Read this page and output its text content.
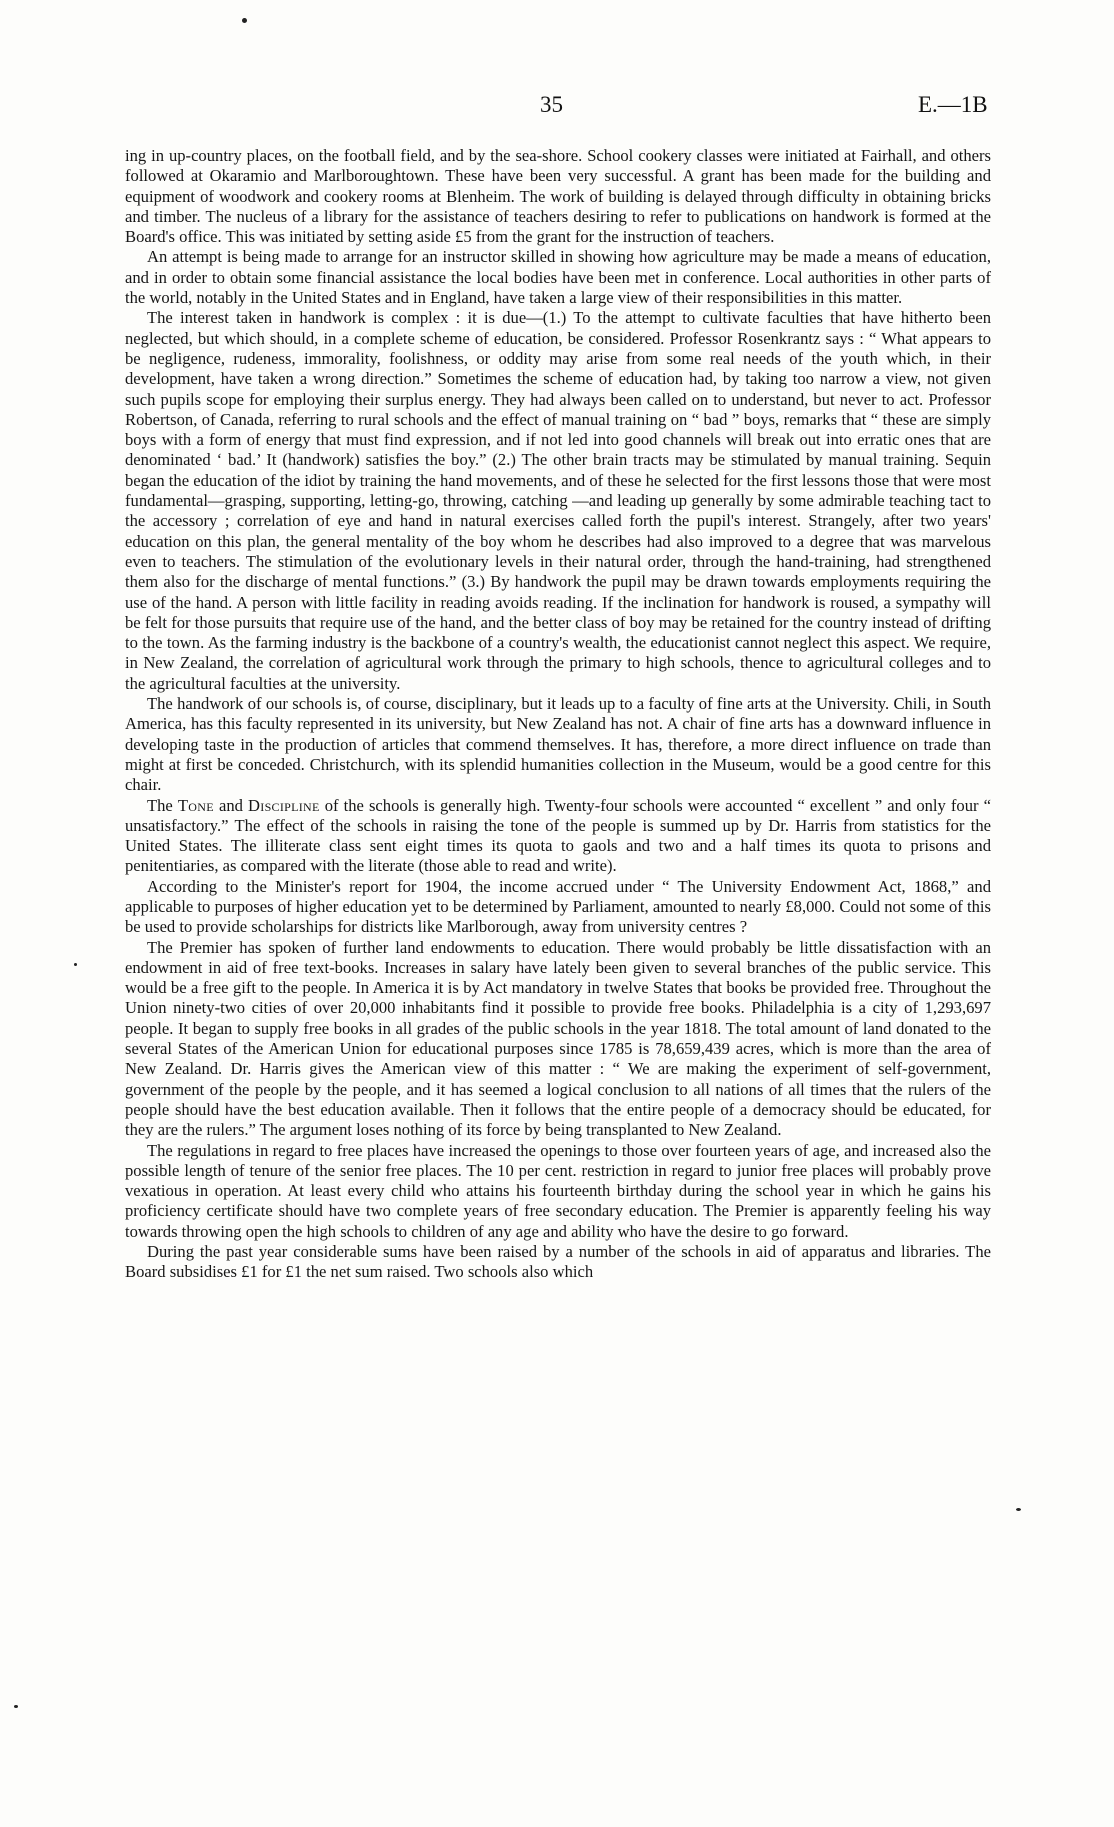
35	E.—1B

ing in up-country places, on the football field, and by the sea-shore. School cookery classes were initiated at Fairhall, and others followed at Okaramio and Marlboroughtown. These have been very successful. A grant has been made for the building and equipment of woodwork and cookery rooms at Blenheim. The work of building is delayed through difficulty in obtaining bricks and timber. The nucleus of a library for the assistance of teachers desiring to refer to publications on handwork is formed at the Board's office. This was initiated by setting aside £5 from the grant for the instruction of teachers.

An attempt is being made to arrange for an instructor skilled in showing how agriculture may be made a means of education, and in order to obtain some financial assistance the local bodies have been met in conference. Local authorities in other parts of the world, notably in the United States and in England, have taken a large view of their responsibilities in this matter.

The interest taken in handwork is complex : it is due—(1.) To the attempt to cultivate faculties that have hitherto been neglected, but which should, in a complete scheme of education, be considered. Professor Rosenkrantz says : “ What appears to be negligence, rudeness, immorality, foolishness, or oddity may arise from some real needs of the youth which, in their development, have taken a wrong direction.” Sometimes the scheme of education had, by taking too narrow a view, not given such pupils scope for employing their surplus energy. They had always been called on to understand, but never to act. Professor Robertson, of Canada, referring to rural schools and the effect of manual training on “ bad ” boys, remarks that “ these are simply boys with a form of energy that must find expression, and if not led into good channels will break out into erratic ones that are denominated ‘ bad.’ It (handwork) satisfies the boy.” (2.) The other brain tracts may be stimulated by manual training. Sequin began the education of the idiot by training the hand movements, and of these he selected for the first lessons those that were most fundamental—grasping, supporting, letting-go, throwing, catching —and leading up generally by some admirable teaching tact to the accessory ; correlation of eye and hand in natural exercises called forth the pupil's interest. Strangely, after two years' education on this plan, the general mentality of the boy whom he describes had also improved to a degree that was marvelous even to teachers. The stimulation of the evolutionary levels in their natural order, through the hand-training, had strengthened them also for the discharge of mental functions.” (3.) By handwork the pupil may be drawn towards employments requiring the use of the hand. A person with little facility in reading avoids reading. If the inclination for handwork is roused, a sympathy will be felt for those pursuits that require use of the hand, and the better class of boy may be retained for the country instead of drifting to the town. As the farming industry is the backbone of a country's wealth, the educationist cannot neglect this aspect. We require, in New Zealand, the correlation of agricultural work through the primary to high schools, thence to agricultural colleges and to the agricultural faculties at the university.

The handwork of our schools is, of course, disciplinary, but it leads up to a faculty of fine arts at the University. Chili, in South America, has this faculty represented in its university, but New Zealand has not. A chair of fine arts has a downward influence in developing taste in the production of articles that commend themselves. It has, therefore, a more direct influence on trade than might at first be conceded. Christchurch, with its splendid humanities collection in the Museum, would be a good centre for this chair.

The Tone and Discipline of the schools is generally high. Twenty-four schools were accounted “ excellent ” and only four “ unsatisfactory.” The effect of the schools in raising the tone of the people is summed up by Dr. Harris from statistics for the United States. The illiterate class sent eight times its quota to gaols and two and a half times its quota to prisons and penitentiaries, as compared with the literate (those able to read and write).

According to the Minister's report for 1904, the income accrued under “ The University Endowment Act, 1868,” and applicable to purposes of higher education yet to be determined by Parliament, amounted to nearly £8,000. Could not some of this be used to provide scholarships for districts like Marlborough, away from university centres ?

The Premier has spoken of further land endowments to education. There would probably be little dissatisfaction with an endowment in aid of free text-books. Increases in salary have lately been given to several branches of the public service. This would be a free gift to the people. In America it is by Act mandatory in twelve States that books be provided free. Throughout the Union ninety-two cities of over 20,000 inhabitants find it possible to provide free books. Philadelphia is a city of 1,293,697 people. It began to supply free books in all grades of the public schools in the year 1818. The total amount of land donated to the several States of the American Union for educational purposes since 1785 is 78,659,439 acres, which is more than the area of New Zealand. Dr. Harris gives the American view of this matter : “ We are making the experiment of self-government, government of the people by the people, and it has seemed a logical conclusion to all nations of all times that the rulers of the people should have the best education available. Then it follows that the entire people of a democracy should be educated, for they are the rulers.” The argument loses nothing of its force by being transplanted to New Zealand.

The regulations in regard to free places have increased the openings to those over fourteen years of age, and increased also the possible length of tenure of the senior free places. The 10 per cent. restriction in regard to junior free places will probably prove vexatious in operation. At least every child who attains his fourteenth birthday during the school year in which he gains his proficiency certificate should have two complete years of free secondary education. The Premier is apparently feeling his way towards throwing open the high schools to children of any age and ability who have the desire to go forward.

During the past year considerable sums have been raised by a number of the schools in aid of apparatus and libraries. The Board subsidises £1 for £1 the net sum raised. Two schools also which
